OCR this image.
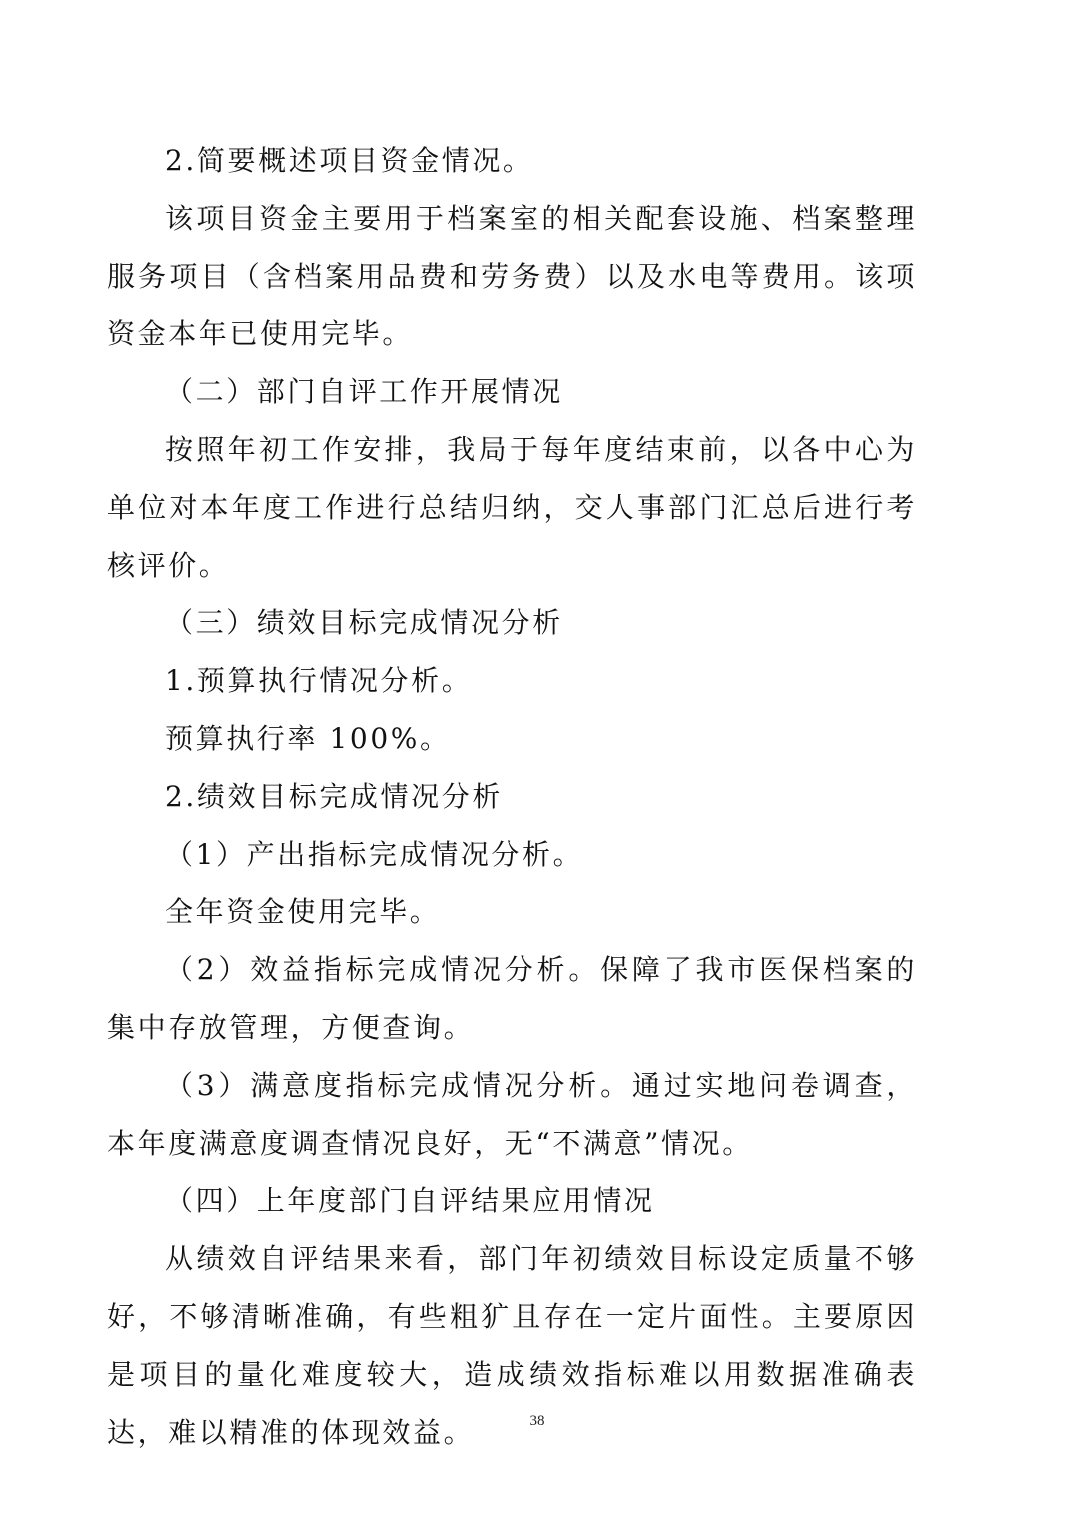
2.简要概述项目资金情况。

该项目资金主要用于档案室的相关配套设施、档案整理服务项目（含档案用品费和劳务费）以及水电等费用。该项资金本年已使用完毕。

（二）部门自评工作开展情况

按照年初工作安排，我局于每年度结束前，以各中心为单位对本年度工作进行总结归纳，交人事部门汇总后进行考核评价。

（三）绩效目标完成情况分析

1.预算执行情况分析。

预算执行率 100%。

2.绩效目标完成情况分析

（1）产出指标完成情况分析。

全年资金使用完毕。

（2）效益指标完成情况分析。保障了我市医保档案的集中存放管理，方便查询。

（3）满意度指标完成情况分析。通过实地问卷调查，本年度满意度调查情况良好，无“不满意”情况。

（四）上年度部门自评结果应用情况

从绩效自评结果来看，部门年初绩效目标设定质量不够好，不够清晰准确，有些粗犷且存在一定片面性。主要原因是项目的量化难度较大，造成绩效指标难以用数据准确表达，难以精准的体现效益。	38
